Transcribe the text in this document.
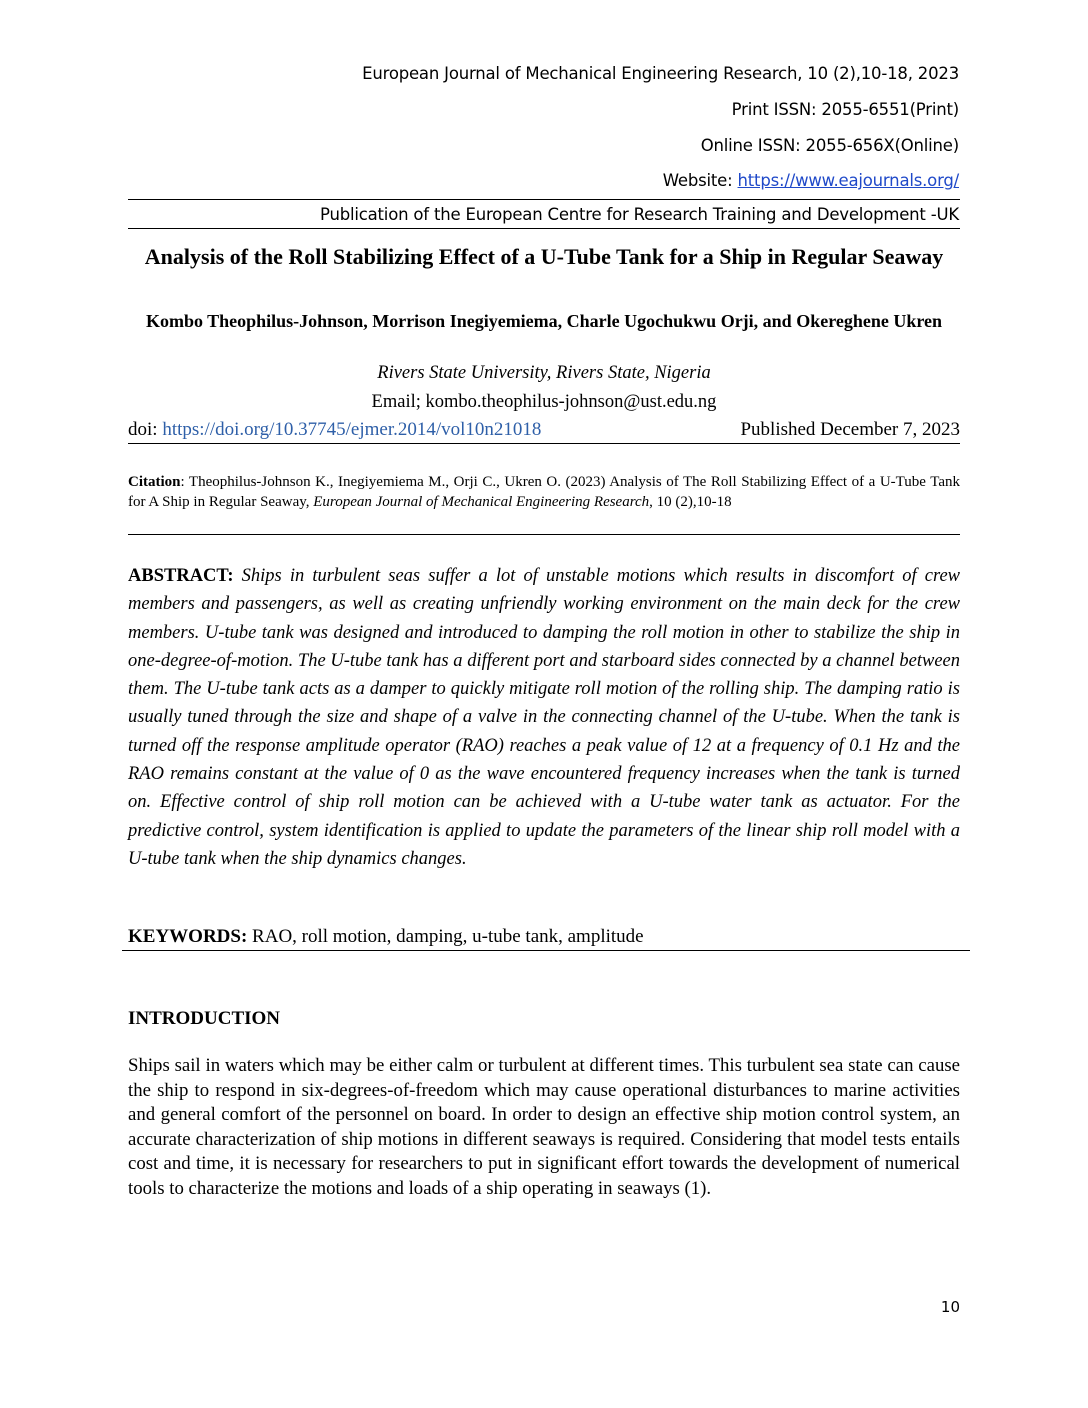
European Journal of Mechanical Engineering Research, 10 (2),10-18, 2023
Print ISSN: 2055-6551(Print)
Online ISSN: 2055-656X(Online)
Website: https://www.eajournals.org/
Publication of the European Centre for Research Training and Development -UK
Analysis of the Roll Stabilizing Effect of a U-Tube Tank for a Ship in Regular Seaway
Kombo Theophilus-Johnson, Morrison Inegiyemiema, Charle Ugochukwu Orji, and Okereghene Ukren
Rivers State University, Rivers State, Nigeria
Email; kombo.theophilus-johnson@ust.edu.ng
doi: https://doi.org/10.37745/ejmer.2014/vol10n21018	Published December 7, 2023
Citation: Theophilus-Johnson K., Inegiyemiema M., Orji C., Ukren O. (2023) Analysis of The Roll Stabilizing Effect of a U-Tube Tank for A Ship in Regular Seaway, European Journal of Mechanical Engineering Research, 10 (2),10-18
ABSTRACT: Ships in turbulent seas suffer a lot of unstable motions which results in discomfort of crew members and passengers, as well as creating unfriendly working environment on the main deck for the crew members. U-tube tank was designed and introduced to damping the roll motion in other to stabilize the ship in one-degree-of-motion. The U-tube tank has a different port and starboard sides connected by a channel between them. The U-tube tank acts as a damper to quickly mitigate roll motion of the rolling ship. The damping ratio is usually tuned through the size and shape of a valve in the connecting channel of the U-tube. When the tank is turned off the response amplitude operator (RAO) reaches a peak value of 12 at a frequency of 0.1 Hz and the RAO remains constant at the value of 0 as the wave encountered frequency increases when the tank is turned on. Effective control of ship roll motion can be achieved with a U-tube water tank as actuator. For the predictive control, system identification is applied to update the parameters of the linear ship roll model with a U-tube tank when the ship dynamics changes.
KEYWORDS: RAO, roll motion, damping, u-tube tank, amplitude
INTRODUCTION
Ships sail in waters which may be either calm or turbulent at different times. This turbulent sea state can cause the ship to respond in six-degrees-of-freedom which may cause operational disturbances to marine activities and general comfort of the personnel on board. In order to design an effective ship motion control system, an accurate characterization of ship motions in different seaways is required. Considering that model tests entails cost and time, it is necessary for researchers to put in significant effort towards the development of numerical tools to characterize the motions and loads of a ship operating in seaways (1).
10
